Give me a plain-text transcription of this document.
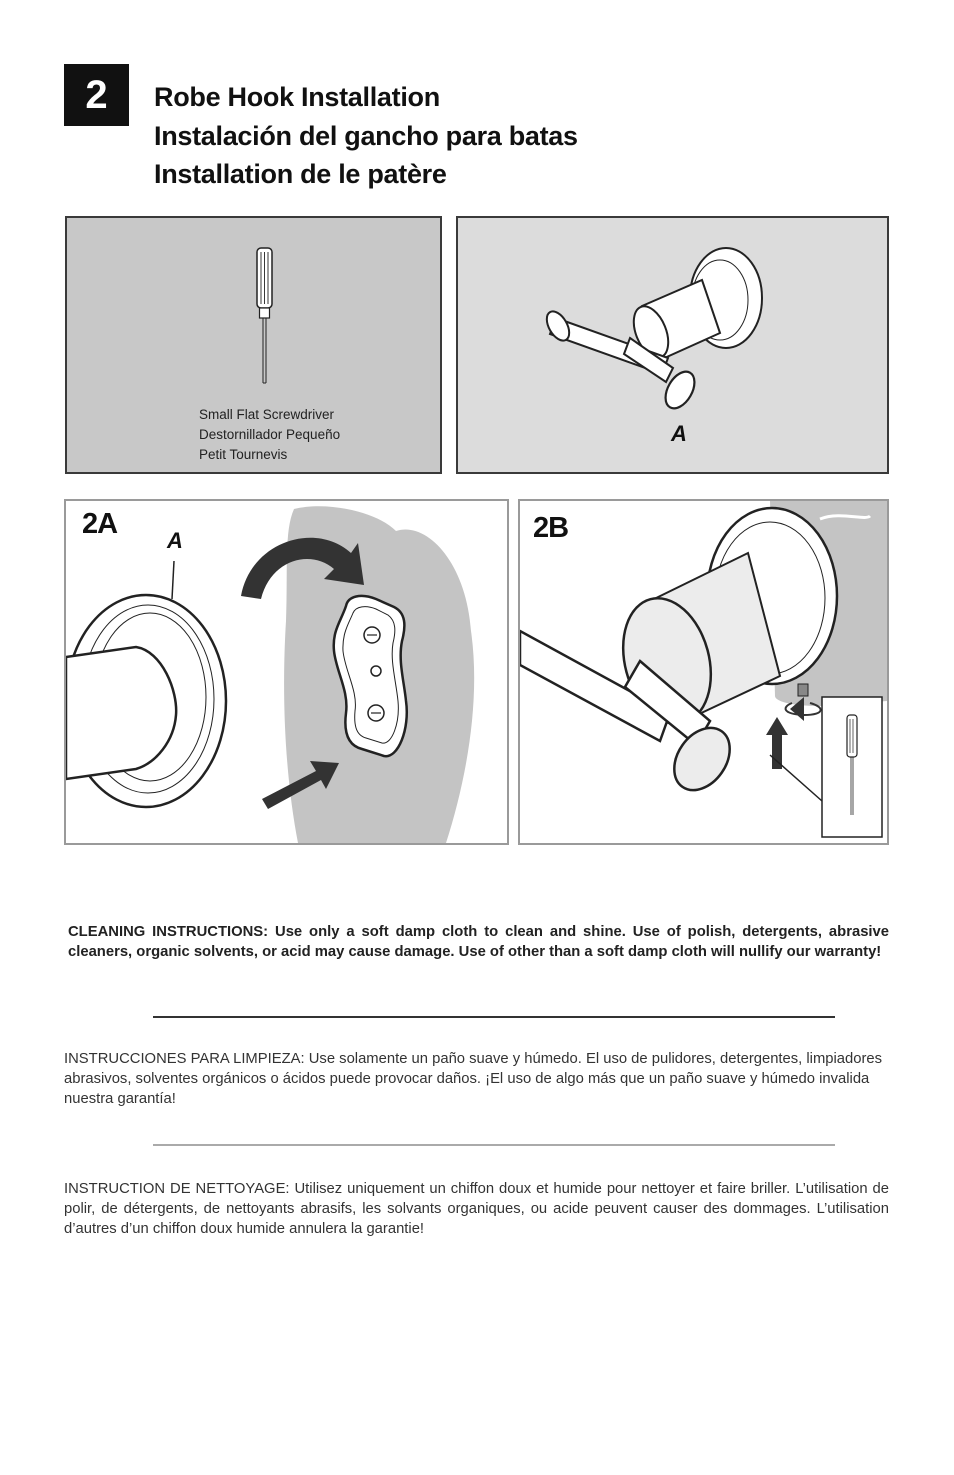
2	Robe Hook Installation
Instalación del gancho para batas
Installation de le patère
Small Flat Screwdriver
Destornillador Pequeño
Petit Tournevis
A
2A
A	2B
CLEANING INSTRUCTIONS: Use only a soft damp cloth to clean and shine. Use of polish, detergents, abrasive cleaners, organic solvents, or acid may cause damage. Use of other than a soft damp cloth will nullify our warranty!
INSTRUCCIONES PARA LIMPIEZA: Use solamente un paño suave y húmedo. El uso de pulidores, detergentes, limpiadores abrasivos, solventes orgánicos o ácidos puede provocar daños. ¡El uso de algo más que un paño suave y húmedo invalida nuestra garantía!
INSTRUCTION DE NETTOYAGE: Utilisez uniquement un chiffon doux et humide pour nettoyer et faire briller. L’utilisation de polir, de détergents, de nettoyants abrasifs, les solvants organiques, ou acide peuvent causer des dommages. L’utilisation d’autres d’un chiffon doux humide annulera la garantie!
